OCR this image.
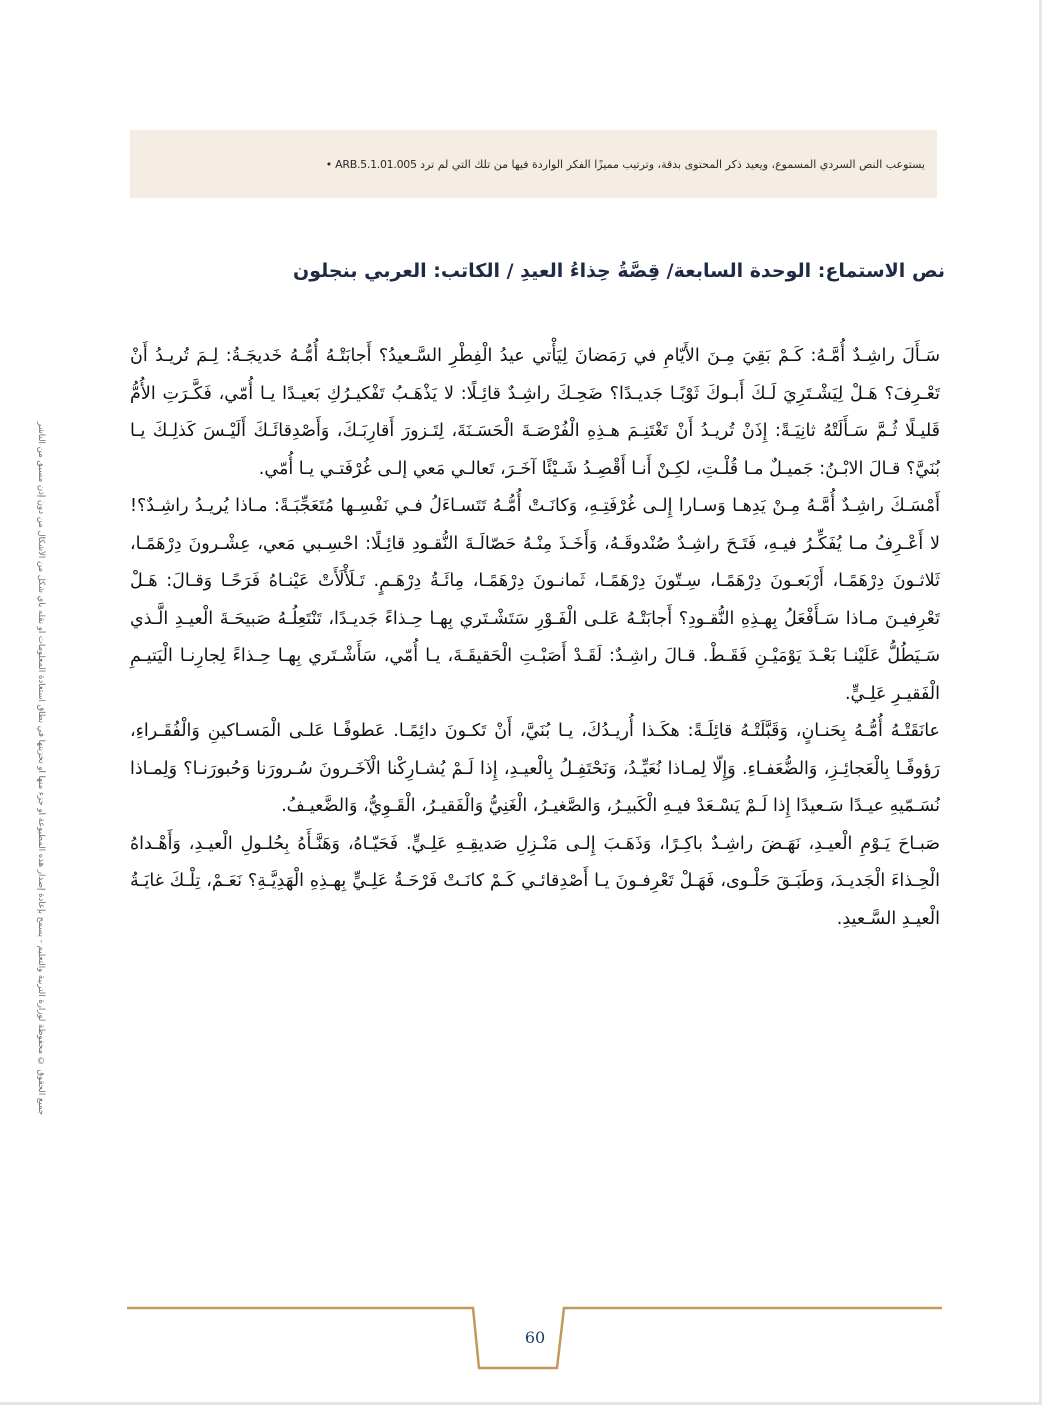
جميع الحقوق © محفوظة لوزارة التربية والتعليم - يسمح بإعادة إصدار هذه المطبوعة أو جزء منها أو تخزينها في نطاق استعادة المعلومات أو نقله بأي شكل من الأشكال من دون إذن مسبق من الناشر
يستوعب النص السردي المسموع، ويعيد ذكر المحتوى بدقة، وترتيب مميزًا الفكر الواردة فيها من تلك التي لم ترد ARB.5.1.01.005 •
نص الاستماع: الوحدة السابعة/ قِصَّةُ حِذاءُ العيدِ / الكاتب: العربي بنجلون

سَـأَلَ راشِـدٌ أُمَّـهُ: كَـمْ بَقِيَ مِـنَ الأَيّامِ في رَمَضانَ لِيَأْتي عيدُ الْفِطْرِ السَّـعيدُ؟ أَجابَتْـهُ أُمُّـهُ خَديجَـةُ: لِـمَ تُريـدُ أَنْ تَعْـرِفَ؟ هَـلْ لِيَشْـتَرِيَ لَـكَ أَبـوكَ ثَوْبًـا جَديـدًا؟ ضَحِـكَ راشِـدٌ قائِـلًا: لا يَذْهَـبُ تَفْكيـرُكِ بَعيـدًا يـا أُمّي، فَكَّـرَتِ الأُمُّ قَليـلًا ثُـمَّ سَـأَلَتْهُ ثانِيَـةً: إِذَنْ تُريـدُ أَنْ تَغْتَنِـمَ هـذِهِ الْفُرْصَـةَ الْحَسَـنَةَ، لِتَـزورَ أَقارِبَـكَ، وَأَصْدِقائَـكَ أَلَيْـسَ كَذلِـكَ يـا بُنَيَّ؟ قـالَ الابْـنُ: جَميـلٌ مـا قُلْـتِ، لكِـنْ أَنـا أَقْصِـدُ شَـيْئًا آخَـرَ، تَعالـي مَعي إلـى غُرْفَتـي يـا أُمّي.

أَمْسَـكَ راشِـدٌ أُمَّـهُ مِـنْ يَدِهـا وَسـارا إِلـى غُرْفَتِـهِ، وَكانَـتْ أُمُّـهُ تَتَسـاءَلُ فـي نَفْسِـها مُتَعَجِّبَـةً: مـاذا يُريـدُ راشِـدٌ؟! لا أَعْـرِفُ مـا يُفَكِّـرُ فيـهِ، فَتَـحَ راشِـدٌ صُنْدوقَـهُ، وَأَخَـذَ مِنْـهُ حَصّالَـةَ النُّقـودِ قائِـلًا: احْسِـبي مَعي، عِشْـرونَ دِرْهَمًـا، ثَلاثـونَ دِرْهَمًـا، أَرْبَعـونَ دِرْهَمًـا، سِـتّونَ دِرْهَمًـا، ثَمانـونَ دِرْهَمًـا، مِائَـةُ دِرْهَـمٍ. تَـلَأْلَأَتْ عَيْنـاهُ فَرَحًـا وَقـالَ: هَـلْ تَعْرِفيـنَ مـاذا سَـأَفْعَلُ بِهـذِهِ النُّقـودِ؟ أَجابَتْـهُ عَلـى الْفَـوْرِ سَتَشْـتَري بِهـا حِـذاءً جَديـدًا، تَنْتَعِلُـهُ صَبيحَـةَ الْعيـدِ الَّـذي سَـيَطُلُّ عَلَيْنـا بَعْـدَ يَوْمَيْـنِ فَقَـطْ. قـالَ راشِـدٌ: لَقَـدْ أَصَبْـتِ الْحَقيقَـةَ، يـا أُمّي، سَأَشْـتَري بِهـا حِـذاءً لِجارِنـا الْيَتيـمِ الْفَقيـرِ عَلِـيٍّ.

عانَقَتْـهُ أُمُّـهُ بِحَنـانٍ، وَقَبَّلَتْـهُ قائِلَـةً: هكَـذا أُريـدُكَ، يـا بُنَيَّ، أَنْ تَكـونَ دائِمًـا. عَطوفًـا عَلـى الْمَسـاكينِ وَالْفُقَـراءِ، رَؤوفًـا بِالْعَجائِـزِ، وَالضُّعَفـاءِ. وَإِلّا لِمـاذا نُعَيِّـدُ، وَنَحْتَفِـلُ بِالْعيـدِ، إِذا لَـمْ يُشـارِكْنا الْآخَـرونَ سُـرورَنا وَحُبورَنـا؟ وَلِمـاذا نُسَـمّيهِ عيـدًا سَـعيدًا إِذا لَـمْ يَسْـعَدْ فيـهِ الْكَبيـرُ، وَالصَّغيـرُ، الْغَنِيُّ وَالْفَقيـرُ، الْقَـوِيُّ، وَالضَّعيـفُ.

صَبـاحَ يَـوْمِ الْعيـدِ، نَهَـضَ راشِـدٌ باكِـرًا، وَذَهَـبَ إِلـى مَنْـزِلِ صَديقِـهِ عَلِـيٍّ. فَحَيّـاهُ، وَهَنَّـأَهُ بِحُلـولِ الْعيـدِ، وَأَهْـداهُ الْحِـذاءَ الْجَديـدَ، وَطَبَـقَ حَلْـوى، فَهَـلْ تَعْرِفـونَ يـا أَصْدِقائـي كَـمْ كانَـتْ فَرْحَـةُ عَلِـيٍّ بِهـذِهِ الْهَدِيَّـةِ؟ نَعَـمْ، تِلْـكَ غايَـةُ الْعيـدِ السَّـعيدِ.

60
